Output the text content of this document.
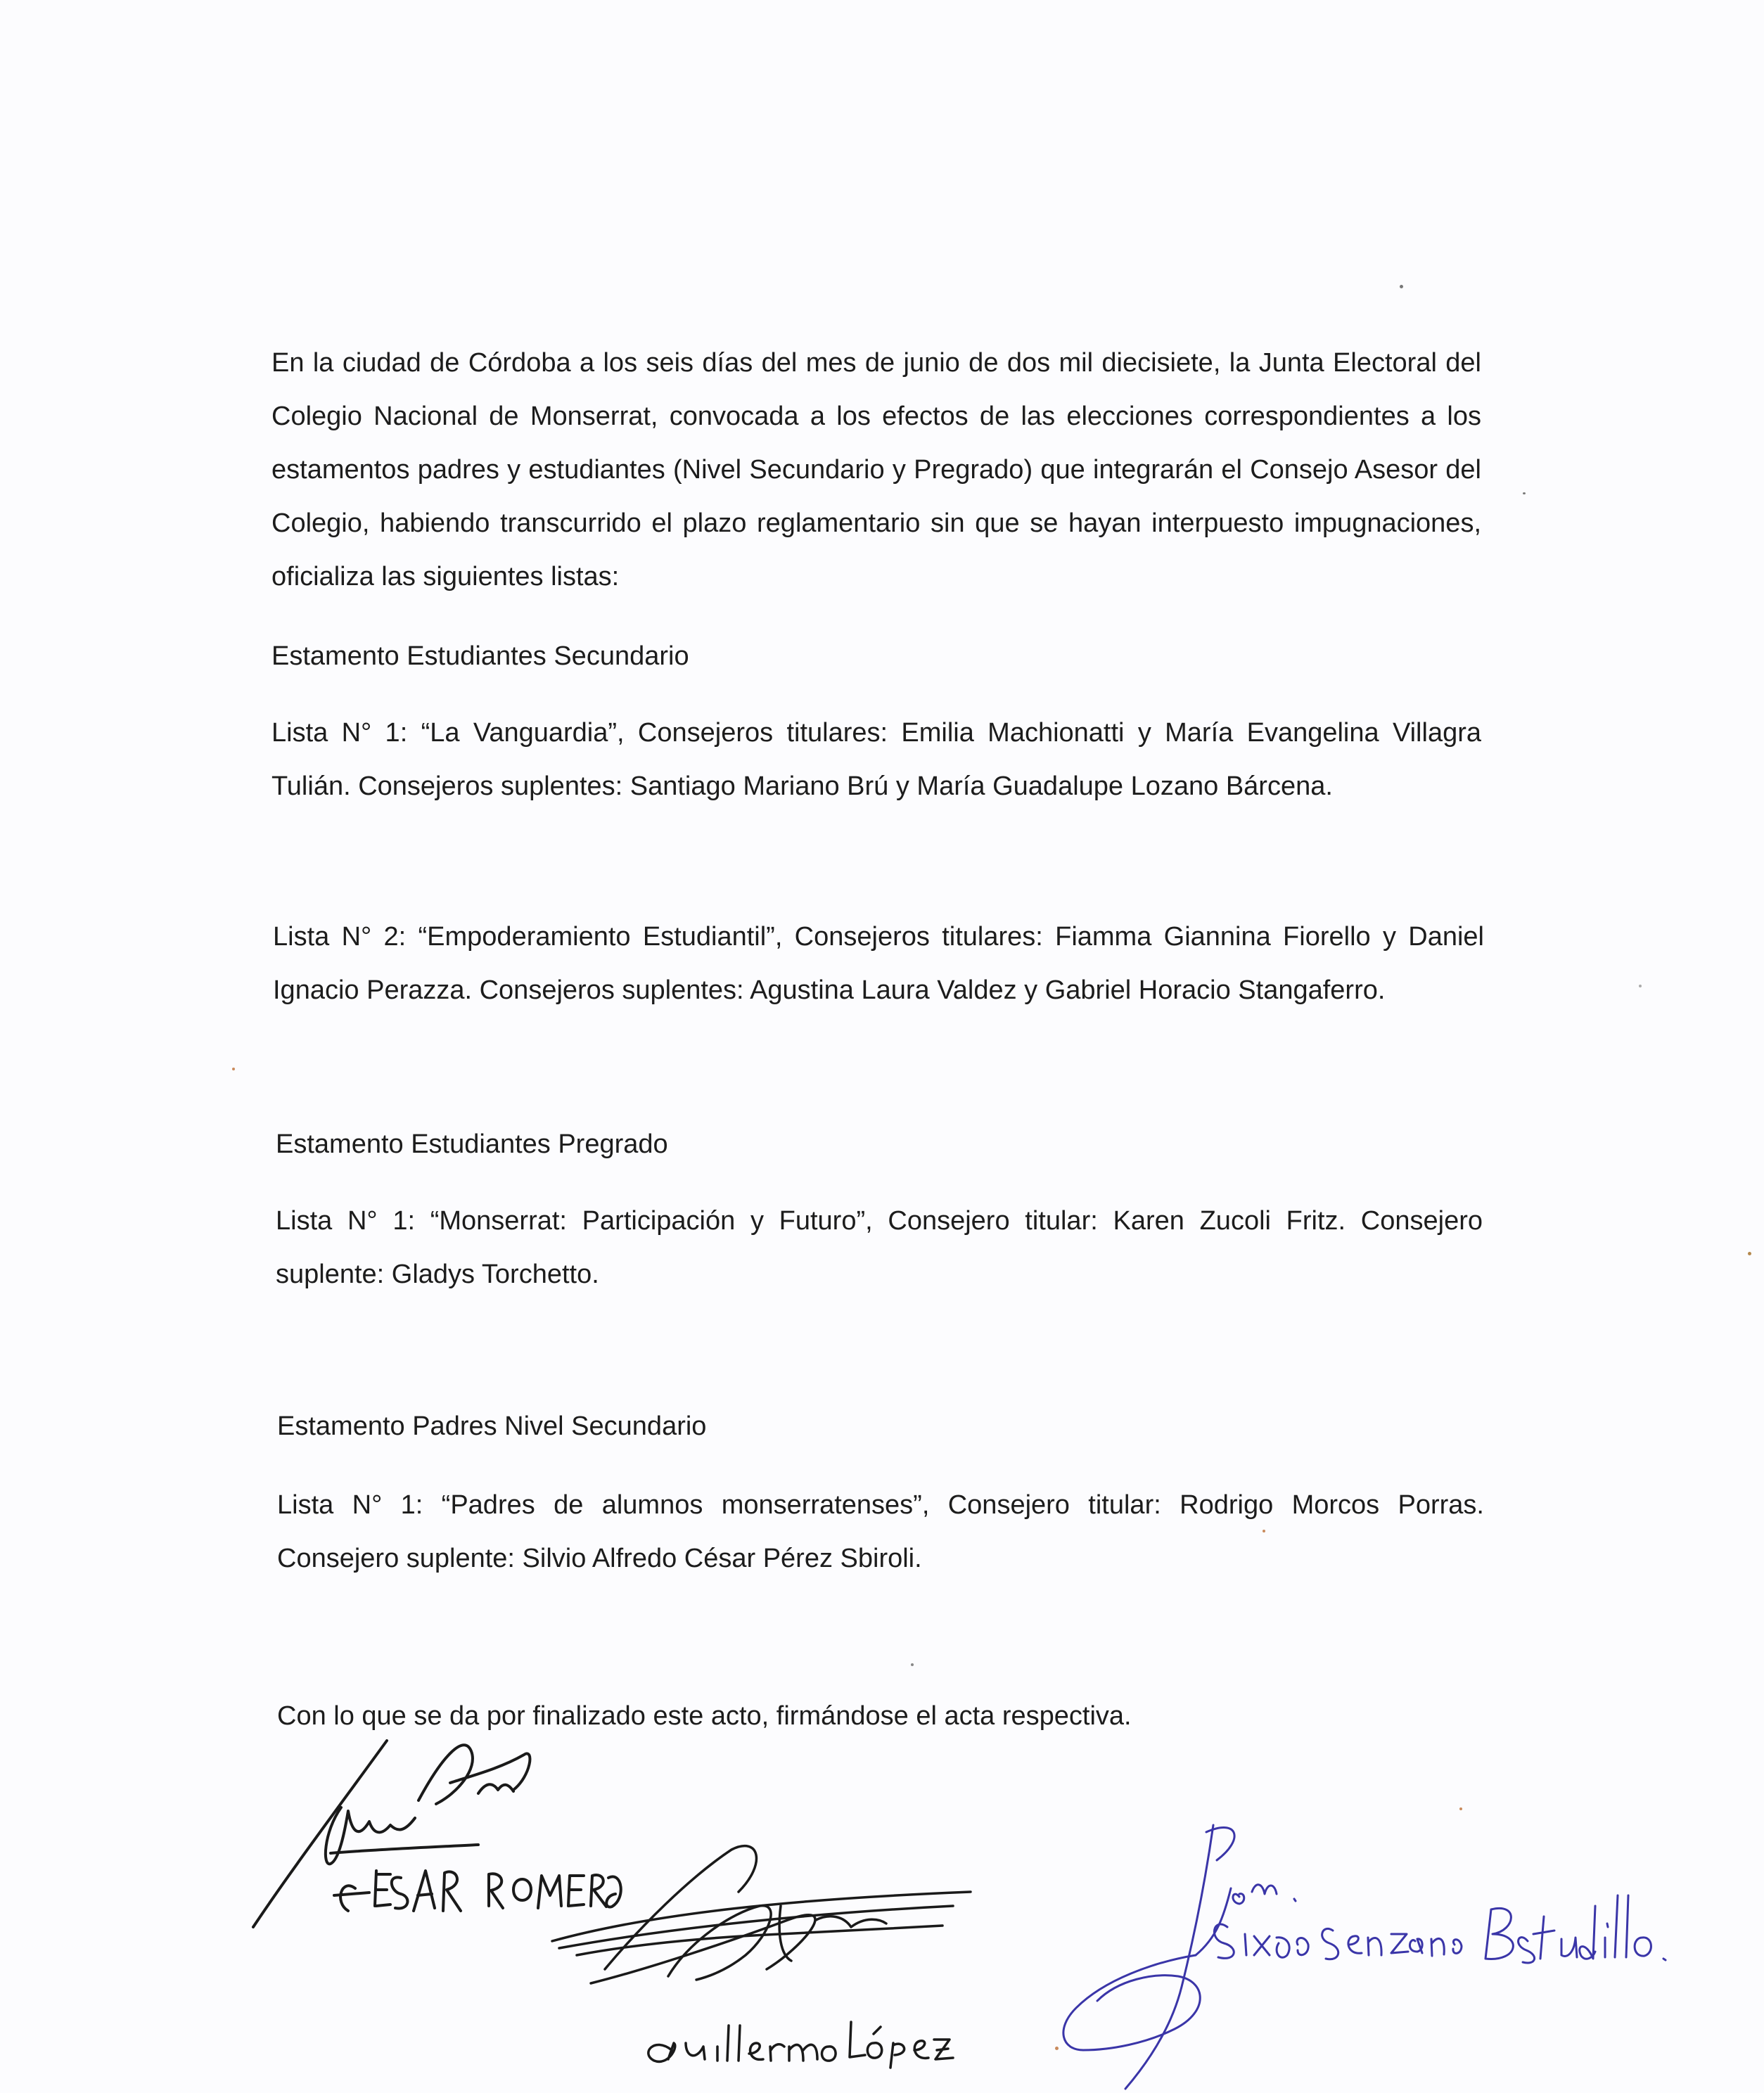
En la ciudad de Córdoba a los seis días del mes de junio de dos mil diecisiete, la Junta Electoral del Colegio Nacional de Monserrat, convocada a los efectos de las elecciones correspondientes a los estamentos padres y estudiantes (Nivel Secundario y Pregrado) que integrarán el Consejo Asesor del Colegio, habiendo transcurrido el plazo reglamentario sin que se hayan interpuesto impugnaciones, oficializa las siguientes listas:
Estamento Estudiantes Secundario
Lista N° 1: “La Vanguardia”, Consejeros titulares: Emilia Machionatti y María Evangelina Villagra Tulián. Consejeros suplentes: Santiago Mariano Brú y María Guadalupe Lozano Bárcena.
Lista N° 2: “Empoderamiento Estudiantil”, Consejeros titulares: Fiamma Giannina Fiorello y Daniel Ignacio Perazza. Consejeros suplentes: Agustina Laura Valdez y Gabriel Horacio Stangaferro.
Estamento Estudiantes Pregrado
Lista N° 1: “Monserrat: Participación y Futuro”, Consejero titular: Karen Zucoli Fritz. Consejero suplente: Gladys Torchetto.
Estamento Padres Nivel Secundario
Lista N° 1: “Padres de alumnos monserratenses”, Consejero titular: Rodrigo Morcos Porras. Consejero suplente: Silvio Alfredo César Pérez Sbiroli.
Con lo que se da por finalizado este acto, firmándose el acta respectiva.
